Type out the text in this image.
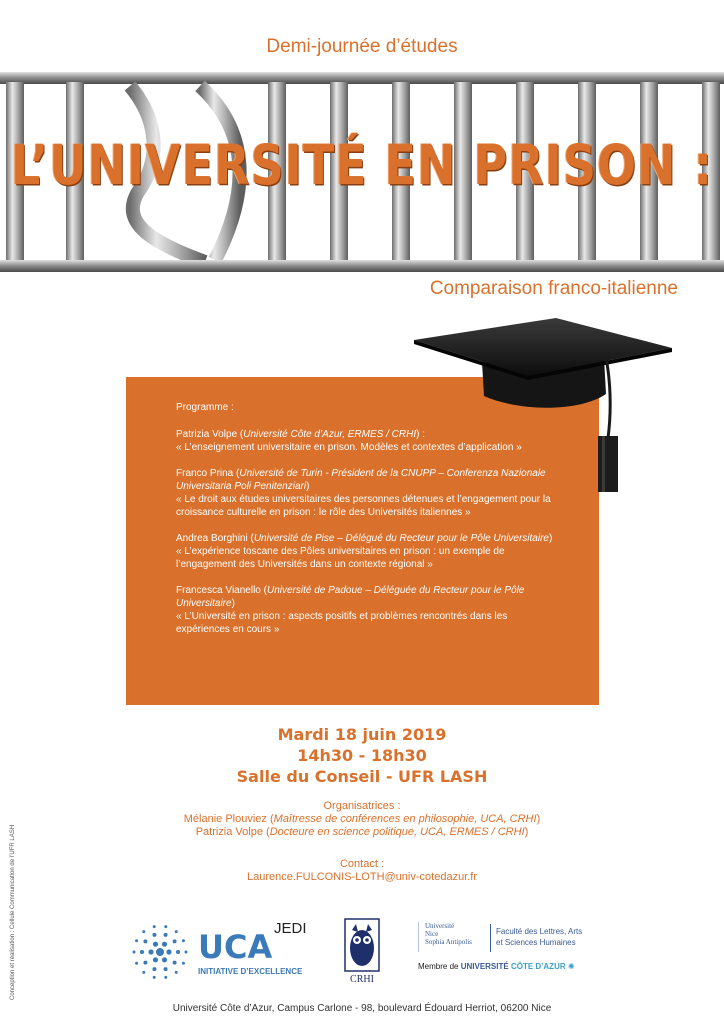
Demi-journée d’études
L’UNIVERSITÉ EN PRISON :
Comparaison franco-italienne

Programme :

Patrizia Volpe (Université Côte d’Azur, ERMES / CRHI) :
« L’enseignement universitaire en prison. Modèles et contextes d’application »

Franco Prina (Université de Turin - Président de la CNUPP – Conferenza Nazionale Universitaria Poli Penitenziari)
« Le droit aux études universitaires des personnes détenues et l’engagement pour la croissance culturelle en prison : le rôle des Universités italiennes »

Andrea Borghini (Université de Pise – Délégué du Recteur pour le Pôle Universitaire)
« L’expérience toscane des Pôles universitaires en prison : un exemple de l’engagement des Universités dans un contexte régional »

Francesca Vianello (Université de Padoue – Déléguée du Recteur pour le Pôle Universitaire)
« L’Université en prison : aspects positifs et problèmes rencontrés dans les expériences en cours »

Mardi 18 juin 2019
14h30 - 18h30
Salle du Conseil - UFR LASH
Organisatrices :
Mélanie Plouviez (Maîtresse de conférences en philosophie, UCA, CRHI)
Patrizia Volpe (Docteure en science politique, UCA, ERMES / CRHI)
Contact :
Laurence.FULCONIS-LOTH@univ-cotedazur.fr
Conception et réalisation : Cellule Communication de l’UFR LASH	UCA JEDI
INITIATIVE D’EXCELLENCE
CRHI
Université
Nice
Sophia Antipolis
Faculté des Lettres, Arts
et Sciences Humaines
Membre de UNIVERSITÉ CÔTE D’AZUR ✺
Université Côte d’Azur, Campus Carlone - 98, boulevard Édouard Herriot, 06200 Nice
